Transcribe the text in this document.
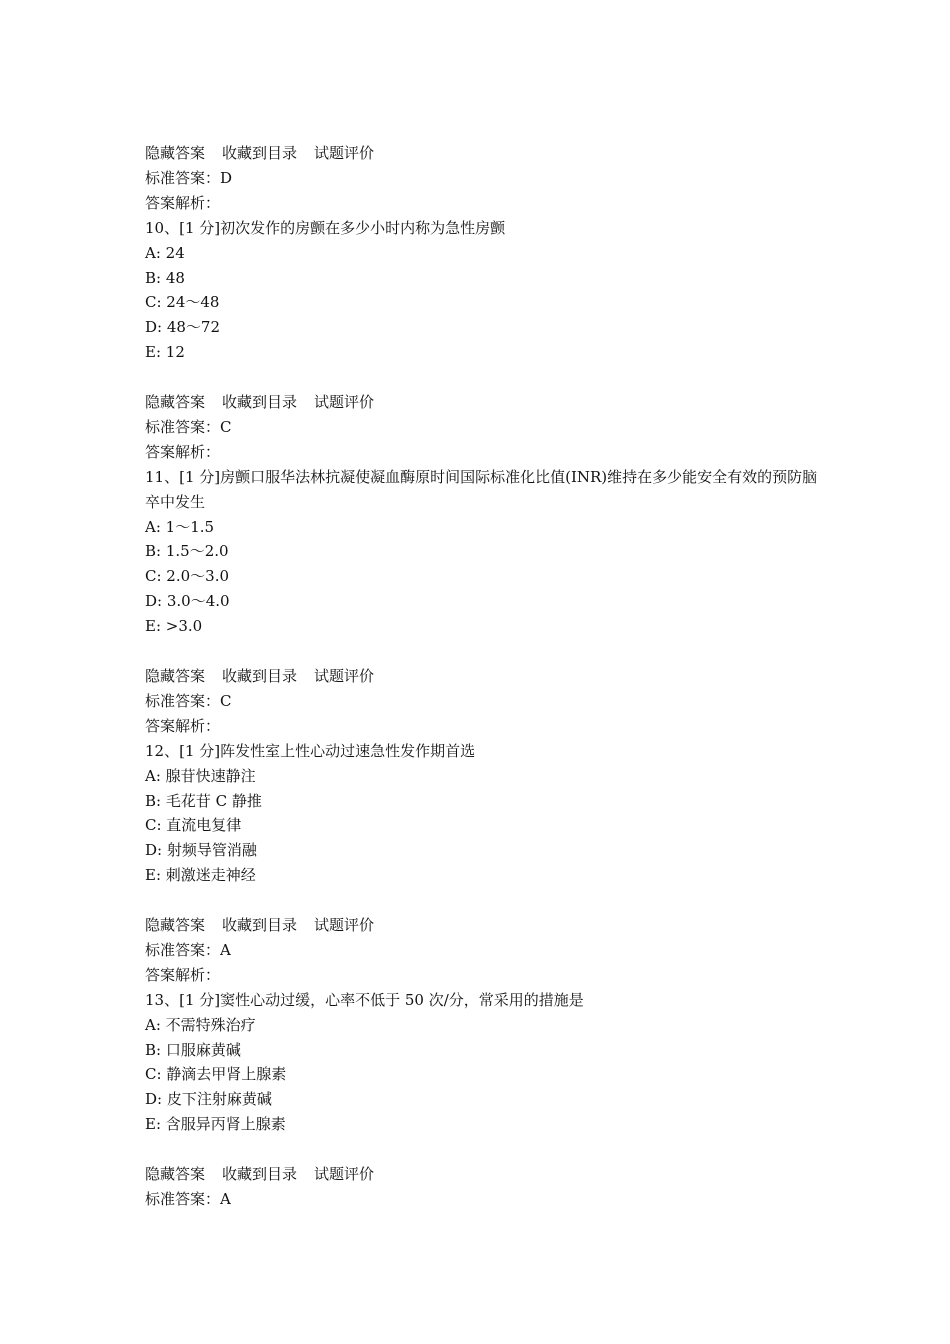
隐藏答案 收藏到目录 试题评价
标准答案：D
答案解析：
10、[1 分]初次发作的房颤在多少小时内称为急性房颤
A: 24
B: 48
C: 24～48
D: 48～72
E: 12
隐藏答案 收藏到目录 试题评价
标准答案：C
答案解析：
11、[1 分]房颤口服华法林抗凝使凝血酶原时间国际标准化比值(INR)维持在多少能安全有效的预防脑卒中发生
A: 1～1.5
B: 1.5～2.0
C: 2.0～3.0
D: 3.0～4.0
E: >3.0
隐藏答案 收藏到目录 试题评价
标准答案：C
答案解析：
12、[1 分]阵发性室上性心动过速急性发作期首选
A: 腺苷快速静注
B: 毛花苷 C 静推
C: 直流电复律
D: 射频导管消融
E: 刺激迷走神经
隐藏答案 收藏到目录 试题评价
标准答案：A
答案解析：
13、[1 分]窦性心动过缓，心率不低于 50 次/分，常采用的措施是
A: 不需特殊治疗
B: 口服麻黄碱
C: 静滴去甲肾上腺素
D: 皮下注射麻黄碱
E: 含服异丙肾上腺素
隐藏答案 收藏到目录 试题评价
标准答案：A
